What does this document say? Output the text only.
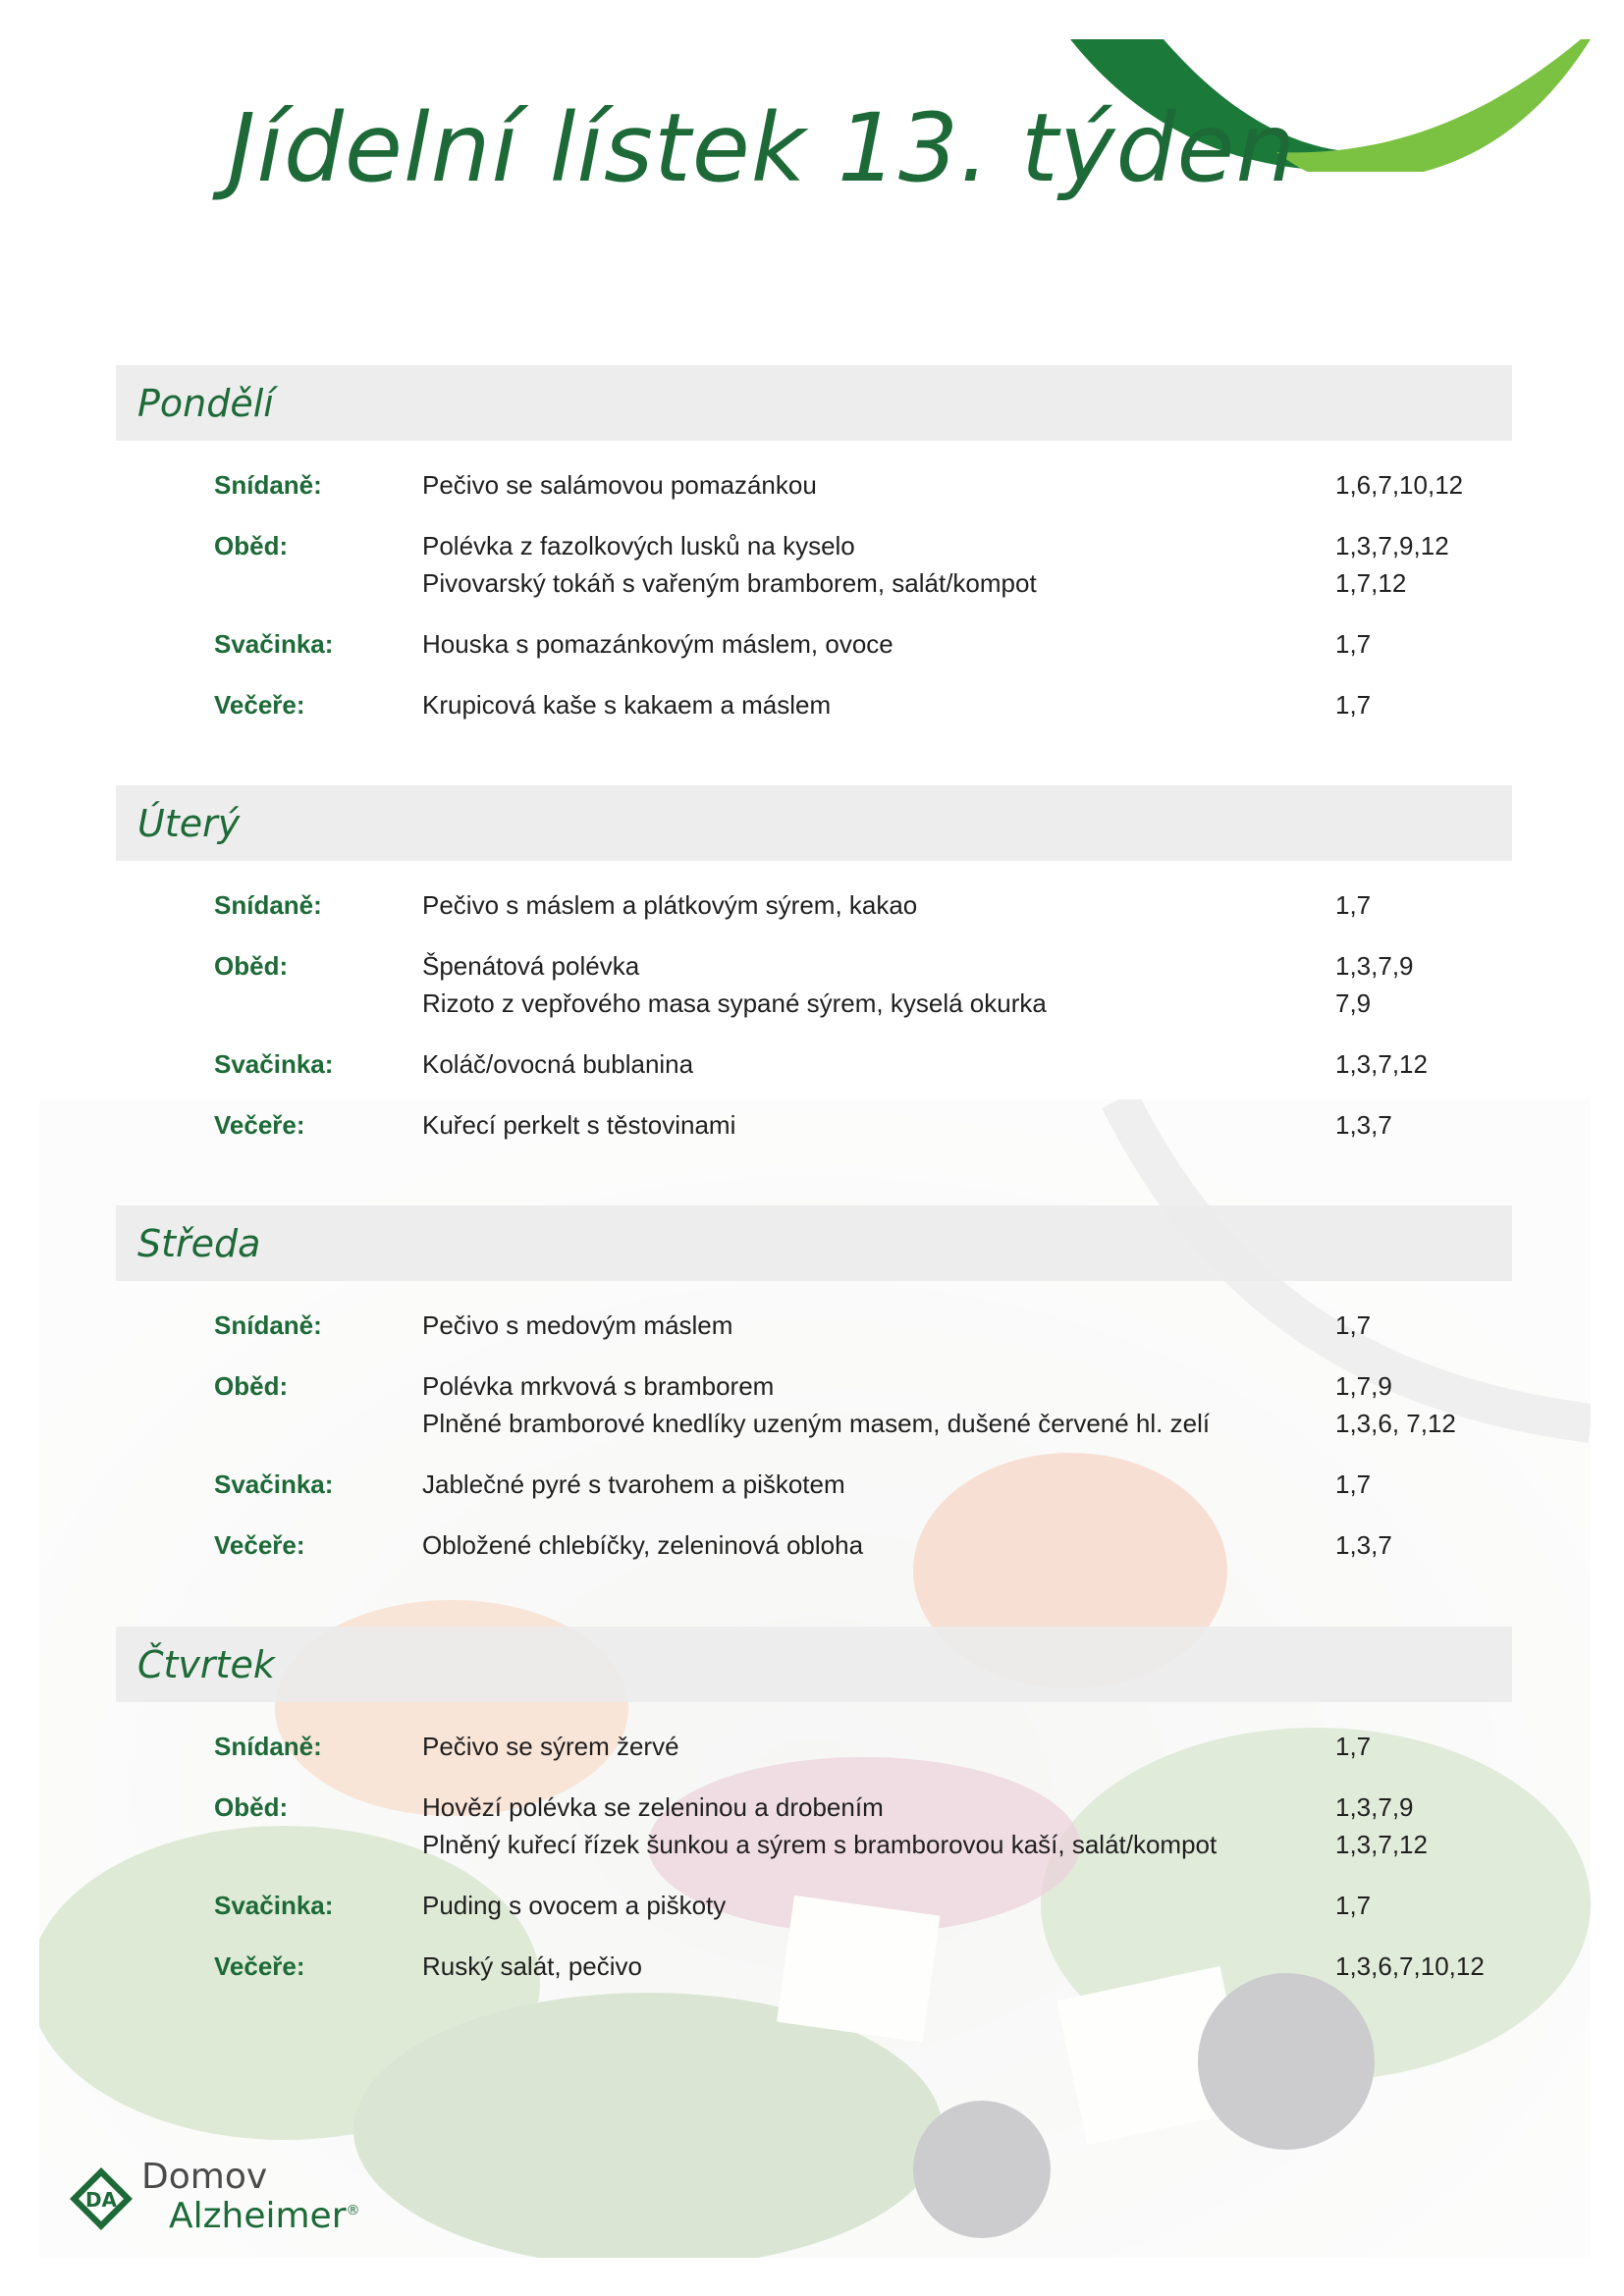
Jídelní lístek 13. týden
Pondělí
Snídaně:	Pečivo se salámovou pomazánkou	1,6,7,10,12
Oběd:	Polévka z fazolkových lusků na kyselo	1,3,7,9,12
Pivovarský tokáň s vařeným bramborem, salát/kompot	1,7,12
Svačinka:	Houska s pomazánkovým máslem, ovoce	1,7
Večeře:	Krupicová kaše s kakaem a máslem	1,7
Úterý
Snídaně:	Pečivo s máslem a plátkovým sýrem, kakao	1,7
Oběd:	Špenátová polévka	1,3,7,9
Rizoto z vepřového masa sypané sýrem, kyselá okurka	7,9
Svačinka:	Koláč/ovocná bublanina	1,3,7,12
Večeře:	Kuřecí perkelt s těstovinami	1,3,7
Středa
Snídaně:	Pečivo s medovým máslem	1,7
Oběd:	Polévka mrkvová s bramborem	1,7,9
Plněné bramborové knedlíky uzeným masem, dušené červené hl. zelí	1,3,6, 7,12
Svačinka:	Jablečné pyré s tvarohem a piškotem	1,7
Večeře:	Obložené chlebíčky, zeleninová obloha	1,3,7
Čtvrtek
Snídaně:	Pečivo se sýrem žervé	1,7
Oběd:	Hovězí polévka se zeleninou a drobením	1,3,7,9
Plněný kuřecí řízek šunkou a sýrem s bramborovou kaší, salát/kompot	1,3,7,12
Svačinka:	Puding s ovocem a piškoty	1,7
Večeře:	Ruský salát, pečivo	1,3,6,7,10,12
DA
Domov
Alzheimer®
